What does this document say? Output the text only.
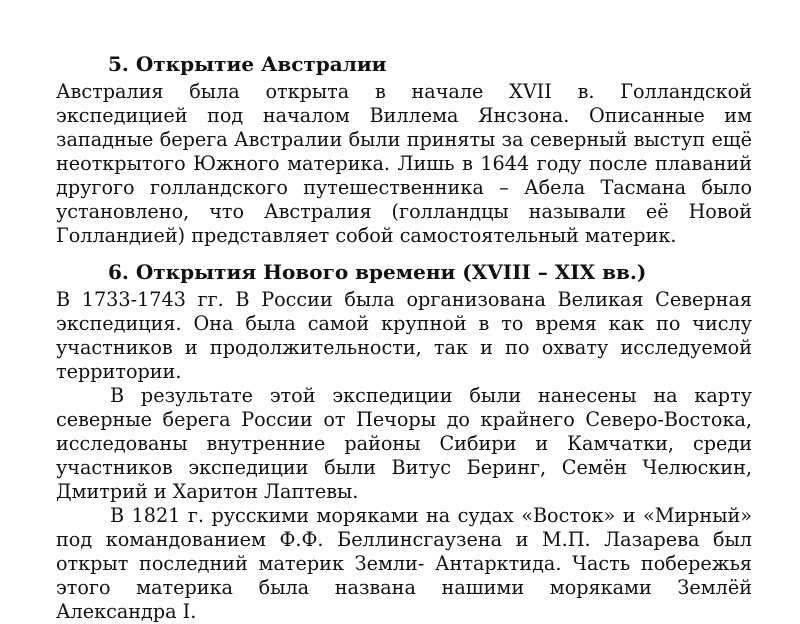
5. Открытие Австралии

Австралия была открыта в начале XVII в. Голландской экспедицией под началом Виллема Янсзона. Описанные им западные берега Австралии были приняты за северный выступ ещё неоткрытого Южного материка. Лишь в 1644 году после плаваний другого голландского путешественника – Абела Тасмана было установлено, что Австралия (голландцы называли её Новой Голландией) представляет собой самостоятельный материк.

6. Открытия Нового времени (XVIII – XIX вв.)

В 1733-1743 гг. В России была организована Великая Северная экспедиция. Она была самой крупной в то время как по числу участников и продолжительности, так и по охвату исследуемой территории.

В результате этой экспедиции были нанесены на карту северные берега России от Печоры до крайнего Северо-Востока, исследованы внутренние районы Сибири и Камчатки, среди участников экспедиции были Витус Беринг, Семён Челюскин, Дмитрий и Харитон Лаптевы.

В 1821 г. русскими моряками на судах «Восток» и «Мирный» под командованием Ф.Ф. Беллинсгаузена и М.П. Лазарева был открыт последний материк Земли- Антарктида. Часть побережья этого материка была названа нашими моряками Землёй Александра I.
